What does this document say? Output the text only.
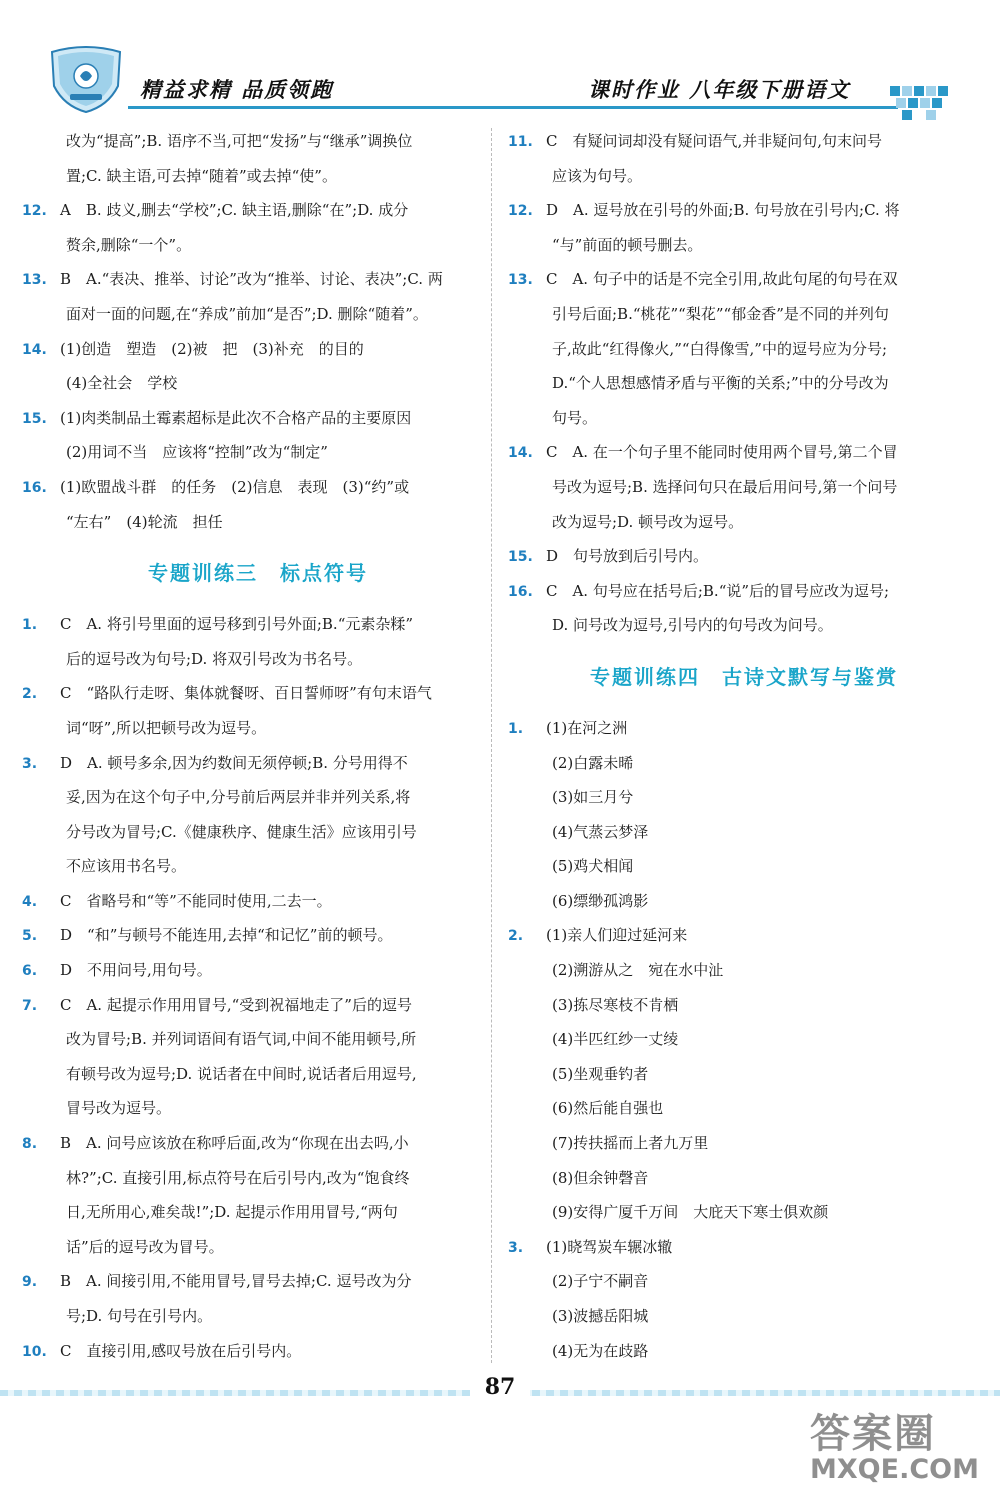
精益求精 品质领跑	课时作业 八年级下册语文
改为“提高”;B. 语序不当,可把“发扬”与“继承”调换位
置;C. 缺主语,可去掉“随着”或去掉“使”。
12. A　B. 歧义,删去“学校”;C. 缺主语,删除“在”;D. 成分
赘余,删除“一个”。
13. B　A.“表决、推举、讨论”改为“推举、讨论、表决”;C. 两
面对一面的问题,在“养成”前加“是否”;D. 删除“随着”。
14. (1)创造　塑造　(2)被　把　(3)补充　的目的
(4)全社会　学校
15. (1)肉类制品土霉素超标是此次不合格产品的主要原因
(2)用词不当　应该将“控制”改为“制定”
16. (1)欧盟战斗群　的任务　(2)信息　表现　(3)“约”或
“左右”　(4)轮流　担任
专题训练三　标点符号
1. C　A. 将引号里面的逗号移到引号外面;B.“元素杂糅”
后的逗号改为句号;D. 将双引号改为书名号。
2. C　“路队行走呀、集体就餐呀、百日誓师呀”有句末语气
词“呀”,所以把顿号改为逗号。
3. D　A. 顿号多余,因为约数间无须停顿;B. 分号用得不
妥,因为在这个句子中,分号前后两层并非并列关系,将
分号改为冒号;C.《健康秩序、健康生活》应该用引号
不应该用书名号。
4. C　省略号和“等”不能同时使用,二去一。
5. D　“和”与顿号不能连用,去掉“和记忆”前的顿号。
6. D　不用问号,用句号。
7. C　A. 起提示作用用冒号,“受到祝福地走了”后的逗号
改为冒号;B. 并列词语间有语气词,中间不能用顿号,所
有顿号改为逗号;D. 说话者在中间时,说话者后用逗号,
冒号改为逗号。
8. B　A. 问号应该放在称呼后面,改为“你现在出去吗,小
林?”;C. 直接引用,标点符号在后引号内,改为“饱食终
日,无所用心,难矣哉!”;D. 起提示作用用冒号,“两句
话”后的逗号改为冒号。
9. B　A. 间接引用,不能用冒号,冒号去掉;C. 逗号改为分
号;D. 句号在引号内。
10. C　直接引用,感叹号放在后引号内。
11. C　有疑问词却没有疑问语气,并非疑问句,句末问号
应该为句号。
12. D　A. 逗号放在引号的外面;B. 句号放在引号内;C. 将
“与”前面的顿号删去。
13. C　A. 句子中的话是不完全引用,故此句尾的句号在双
引号后面;B.“桃花”“梨花”“郁金香”是不同的并列句
子,故此“红得像火,”“白得像雪,”中的逗号应为分号;
D.“个人思想感情矛盾与平衡的关系;”中的分号改为
句号。
14. C　A. 在一个句子里不能同时使用两个冒号,第二个冒
号改为逗号;B. 选择问句只在最后用问号,第一个问号
改为逗号;D. 顿号改为逗号。
15. D　句号放到后引号内。
16. C　A. 句号应在括号后;B.“说”后的冒号应改为逗号;
D. 问号改为逗号,引号内的句号改为问号。
专题训练四　古诗文默写与鉴赏
1. (1)在河之洲
(2)白露未晞
(3)如三月兮
(4)气蒸云梦泽
(5)鸡犬相闻
(6)缥缈孤鸿影
2. (1)亲人们迎过延河来
(2)溯游从之　宛在水中沚
(3)拣尽寒枝不肯栖
(4)半匹红纱一丈绫
(5)坐观垂钓者
(6)然后能自强也
(7)抟扶摇而上者九万里
(8)但余钟磬音
(9)安得广厦千万间　大庇天下寒士俱欢颜
3. (1)晓驾炭车辗冰辙
(2)子宁不嗣音
(3)波撼岳阳城
(4)无为在歧路
87
答案圈
MXQE.COM
